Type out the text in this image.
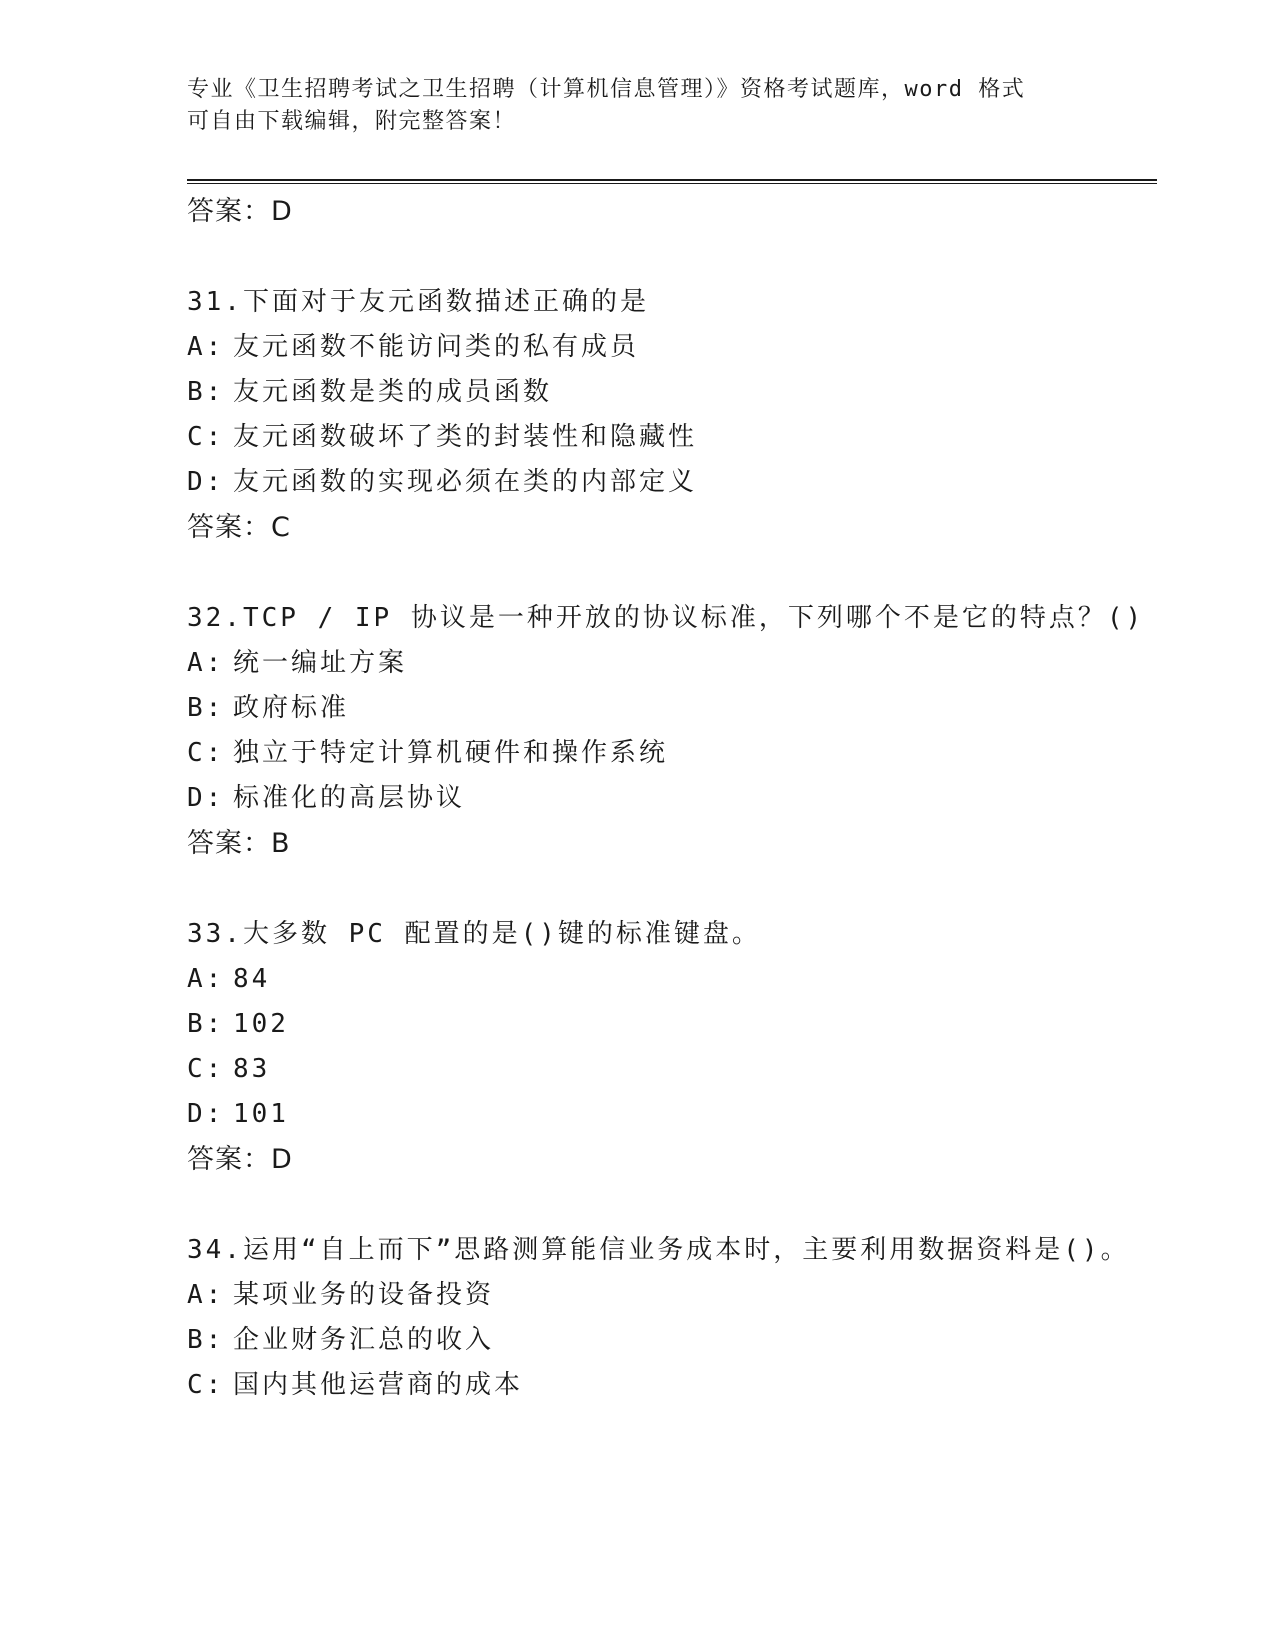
专业《卫生招聘考试之卫生招聘（计算机信息管理）》资格考试题库，word 格式
可自由下载编辑，附完整答案！
答案：D
31.下面对于友元函数描述正确的是
A: 友元函数不能访问类的私有成员
B: 友元函数是类的成员函数
C: 友元函数破坏了类的封装性和隐藏性
D: 友元函数的实现必须在类的内部定义
答案：C
32.TCP / IP 协议是一种开放的协议标准，下列哪个不是它的特点？()
A: 统一编址方案
B: 政府标准
C: 独立于特定计算机硬件和操作系统
D: 标准化的高层协议
答案：B
33.大多数 PC 配置的是()键的标准键盘。
A: 84
B: 102
C: 83
D: 101
答案：D
34.运用“自上而下”思路测算能信业务成本时，主要利用数据资料是()。
A: 某项业务的设备投资
B: 企业财务汇总的收入
C: 国内其他运营商的成本
